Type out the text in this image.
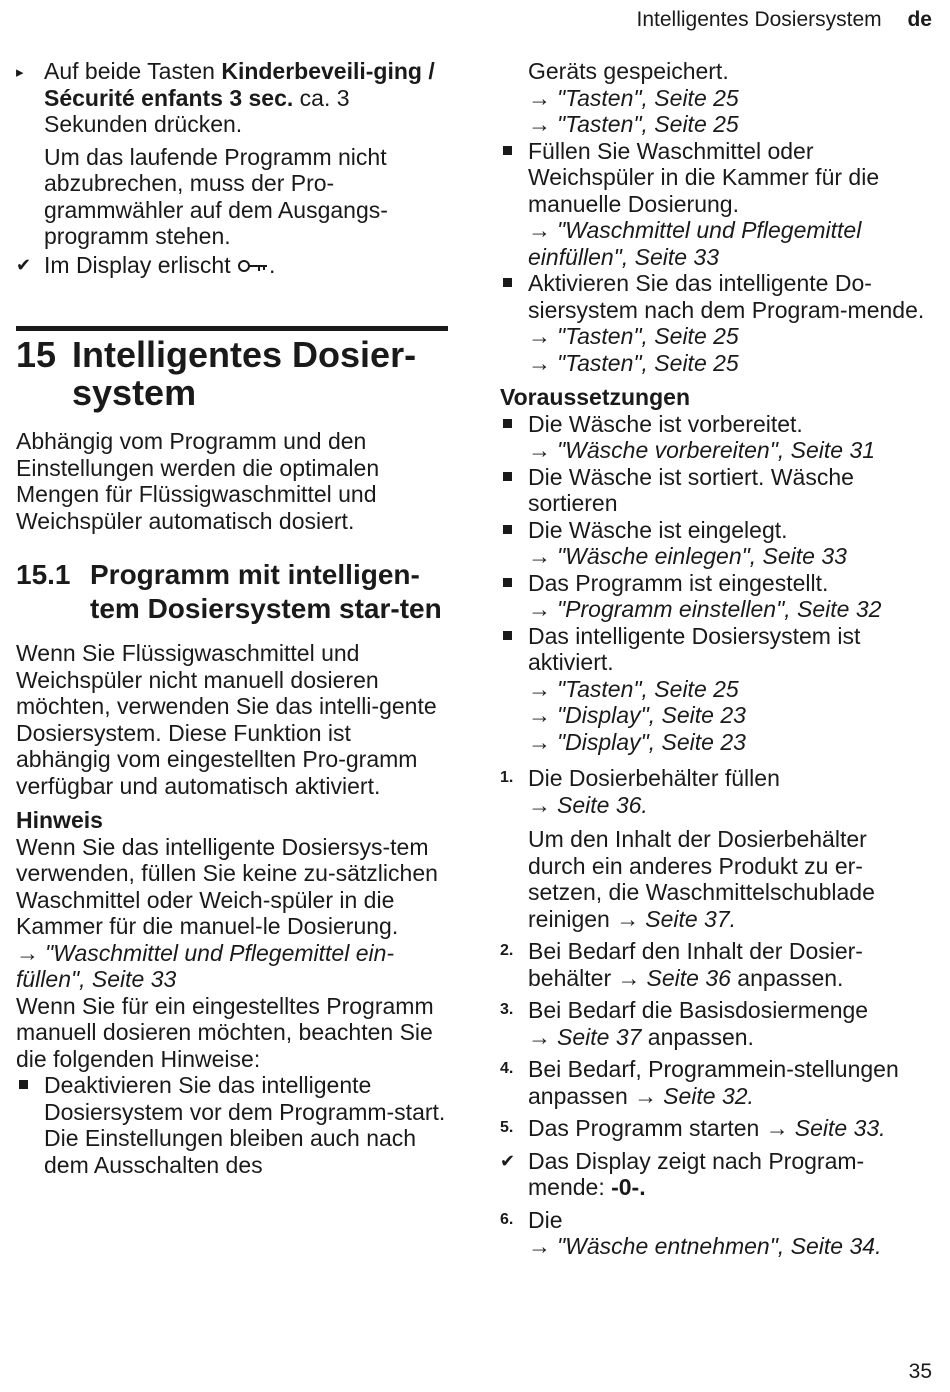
Intelligentes Dosiersystem de
▸ Auf beide Tasten Kinderbeveili-ging / Sécurité enfants 3 sec. ca. 3 Sekunden drücken.

Um das laufende Programm nicht abzubrechen, muss der Pro-grammwähler auf dem Ausgangs-programm stehen.

✔ Im Display erlischt .
15 Intelligentes Dosier-system

Abhängig vom Programm und den Einstellungen werden die optimalen Mengen für Flüssigwaschmittel und Weichspüler automatisch dosiert.

15.1 Programm mit intelligen-tem Dosiersystem star-ten

Wenn Sie Flüssigwaschmittel und Weichspüler nicht manuell dosieren möchten, verwenden Sie das intelli-gente Dosiersystem. Diese Funktion ist abhängig vom eingestellten Pro-gramm verfügbar und automatisch aktiviert.

Hinweis

Wenn Sie das intelligente Dosiersys-tem verwenden, füllen Sie keine zu-sätzlichen Waschmittel oder Weich-spüler in die Kammer für die manuel-le Dosierung.

→ "Waschmittel und Pflegemittel ein-füllen", Seite 33

Wenn Sie für ein eingestelltes Programm manuell dosieren möchten, beachten Sie die folgenden Hinweise:

Deaktivieren Sie das intelligente Dosiersystem vor dem Programm-start. Die Einstellungen bleiben auch nach dem Ausschalten des
Geräts gespeichert.
→ "Tasten", Seite 25
→ "Tasten", Seite 25
Füllen Sie Waschmittel oder Weichspüler in die Kammer für die manuelle Dosierung.
→ "Waschmittel und Pflegemittel einfüllen", Seite 33
Aktivieren Sie das intelligente Do-siersystem nach dem Program-mende.
→ "Tasten", Seite 25
→ "Tasten", Seite 25

Voraussetzungen

Die Wäsche ist vorbereitet.
→ "Wäsche vorbereiten", Seite 31
Die Wäsche ist sortiert. Wäsche sortieren
Die Wäsche ist eingelegt.
→ "Wäsche einlegen", Seite 33
Das Programm ist eingestellt.
→ "Programm einstellen", Seite 32
Das intelligente Dosiersystem ist aktiviert.
→ "Tasten", Seite 25
→ "Display", Seite 23
→ "Display", Seite 23
1. Die Dosierbehälter füllen
→ Seite 36.
Um den Inhalt der Dosierbehälter durch ein anderes Produkt zu er-setzen, die Waschmittelschublade reinigen → Seite 37.
2. Bei Bedarf den Inhalt der Dosier-behälter → Seite 36 anpassen.
3. Bei Bedarf die Basisdosiermenge
→ Seite 37 anpassen.
4. Bei Bedarf, Programmein-stellungen anpassen → Seite 32.
5. Das Programm starten → Seite 33.
✔ Das Display zeigt nach Program-mende: -0-.
6. Die
→ "Wäsche entnehmen", Seite 34.
35
